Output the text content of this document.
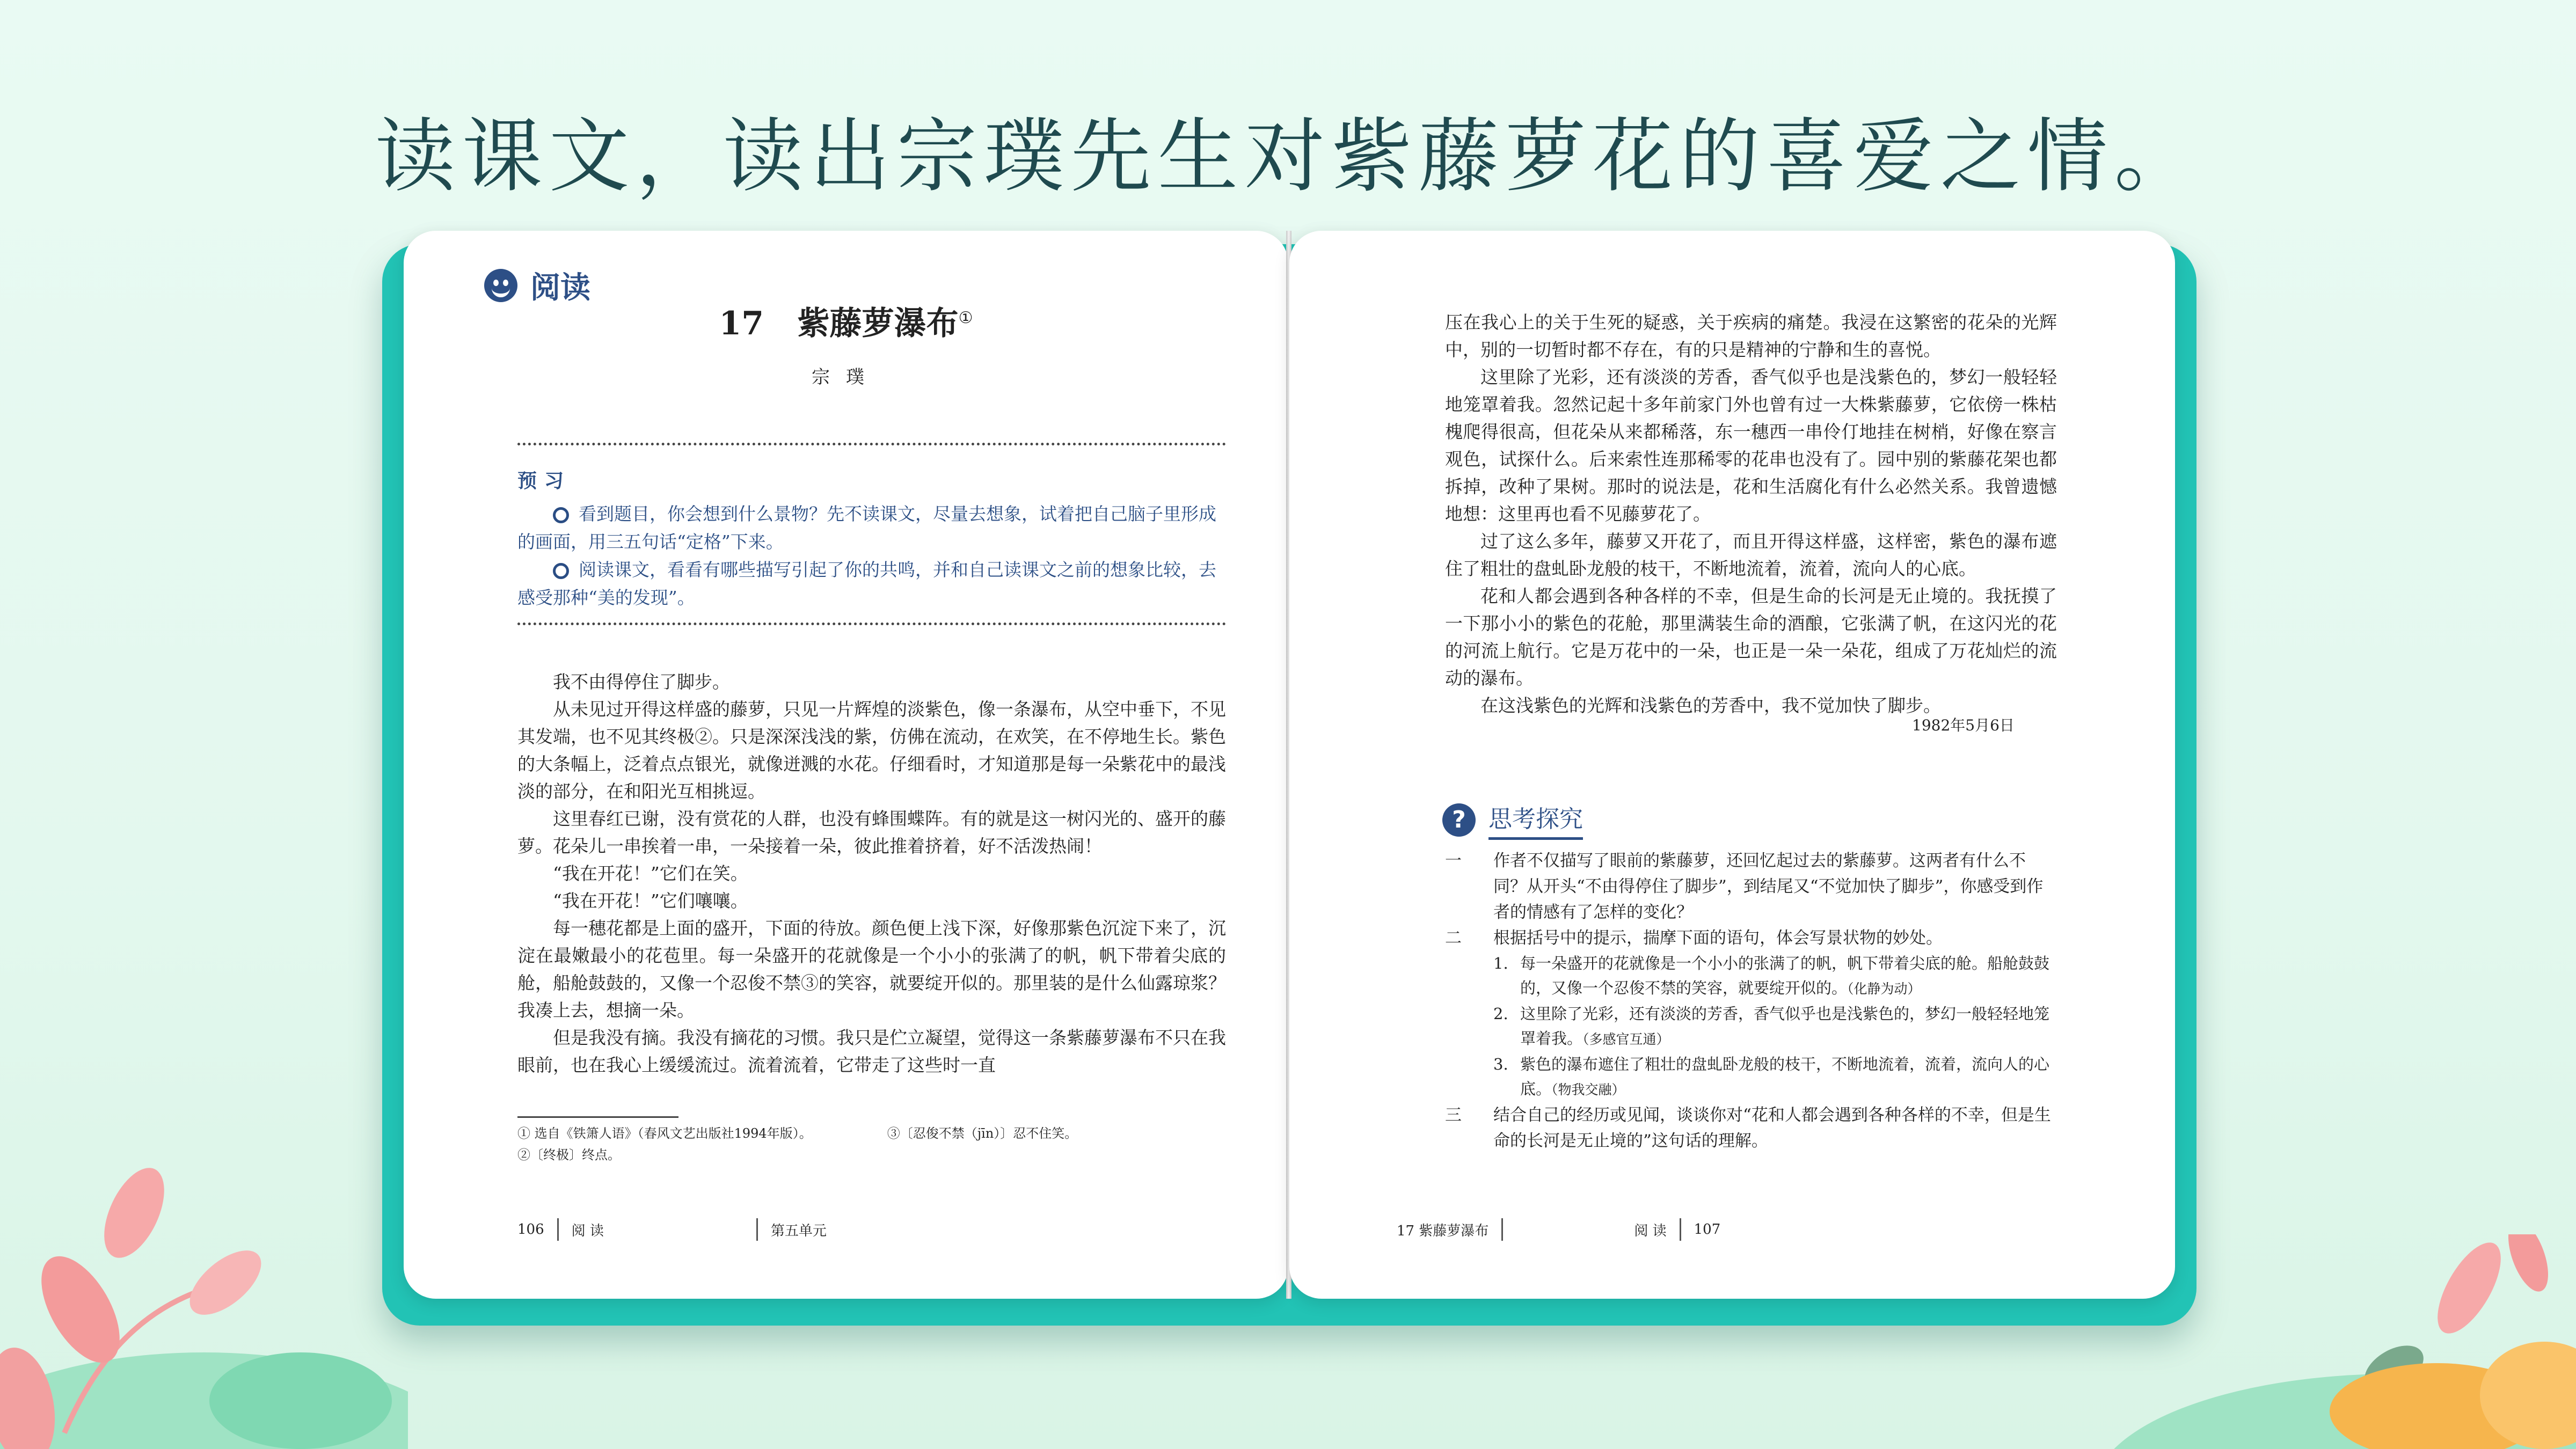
读课文，读出宗璞先生对紫藤萝花的喜爱之情。
阅读
17 紫藤萝瀑布①
宗璞
预习

看到题目，你会想到什么景物？先不读课文，尽量去想象，试着把自己脑子里形成的画面，用三五句话“定格”下来。

阅读课文，看看有哪些描写引起了你的共鸣，并和自己读课文之前的想象比较，去感受那种“美的发现”。

我不由得停住了脚步。

从未见过开得这样盛的藤萝，只见一片辉煌的淡紫色，像一条瀑布，从空中垂下，不见其发端，也不见其终极②。只是深深浅浅的紫，仿佛在流动，在欢笑，在不停地生长。紫色的大条幅上，泛着点点银光，就像迸溅的水花。仔细看时，才知道那是每一朵紫花中的最浅淡的部分，在和阳光互相挑逗。

这里春红已谢，没有赏花的人群，也没有蜂围蝶阵。有的就是这一树闪光的、盛开的藤萝。花朵儿一串挨着一串，一朵接着一朵，彼此推着挤着，好不活泼热闹！

“我在开花！”它们在笑。

“我在开花！”它们嚷嚷。

每一穗花都是上面的盛开，下面的待放。颜色便上浅下深，好像那紫色沉淀下来了，沉淀在最嫩最小的花苞里。每一朵盛开的花就像是一个小小的张满了的帆，帆下带着尖底的舱，船舱鼓鼓的，又像一个忍俊不禁③的笑容，就要绽开似的。那里装的是什么仙露琼浆？我凑上去，想摘一朵。

但是我没有摘。我没有摘花的习惯。我只是伫立凝望，觉得这一条紫藤萝瀑布不只在我眼前，也在我心上缓缓流过。流着流着，它带走了这些时一直

① 选自《铁箫人语》（春风文艺出版社1994年版）。	③〔忍俊不禁（jīn）〕忍不住笑。
②〔终极〕终点。
106 阅 读	第五单元

压在我心上的关于生死的疑惑，关于疾病的痛楚。我浸在这繁密的花朵的光辉中，别的一切暂时都不存在，有的只是精神的宁静和生的喜悦。

这里除了光彩，还有淡淡的芳香，香气似乎也是浅紫色的，梦幻一般轻轻地笼罩着我。忽然记起十多年前家门外也曾有过一大株紫藤萝，它依傍一株枯槐爬得很高，但花朵从来都稀落，东一穗西一串伶仃地挂在树梢，好像在察言观色，试探什么。后来索性连那稀零的花串也没有了。园中别的紫藤花架也都拆掉，改种了果树。那时的说法是，花和生活腐化有什么必然关系。我曾遗憾地想：这里再也看不见藤萝花了。

过了这么多年，藤萝又开花了，而且开得这样盛，这样密，紫色的瀑布遮住了粗壮的盘虬卧龙般的枝干，不断地流着，流着，流向人的心底。

花和人都会遇到各种各样的不幸，但是生命的长河是无止境的。我抚摸了一下那小小的紫色的花舱，那里满装生命的酒酿，它张满了帆，在这闪光的花的河流上航行。它是万花中的一朵，也正是一朵一朵花，组成了万花灿烂的流动的瀑布。

在这浅紫色的光辉和浅紫色的芳香中，我不觉加快了脚步。

1982年5月6日
? 思考探究
一	作者不仅描写了眼前的紫藤萝，还回忆起过去的紫藤萝。这两者有什么不同？从开头“不由得停住了脚步”，到结尾又“不觉加快了脚步”，你感受到作者的情感有了怎样的变化？
二	根据括号中的提示，揣摩下面的语句，体会写景状物的妙处。
1. 每一朵盛开的花就像是一个小小的张满了的帆，帆下带着尖底的舱。船舱鼓鼓的，又像一个忍俊不禁的笑容，就要绽开似的。（化静为动）
2. 这里除了光彩，还有淡淡的芳香，香气似乎也是浅紫色的，梦幻一般轻轻地笼罩着我。（多感官互通）
3. 紫色的瀑布遮住了粗壮的盘虬卧龙般的枝干，不断地流着，流着，流向人的心底。（物我交融）
三	结合自己的经历或见闻，谈谈你对“花和人都会遇到各种各样的不幸，但是生命的长河是无止境的”这句话的理解。
17 紫藤萝瀑布	阅 读 107
